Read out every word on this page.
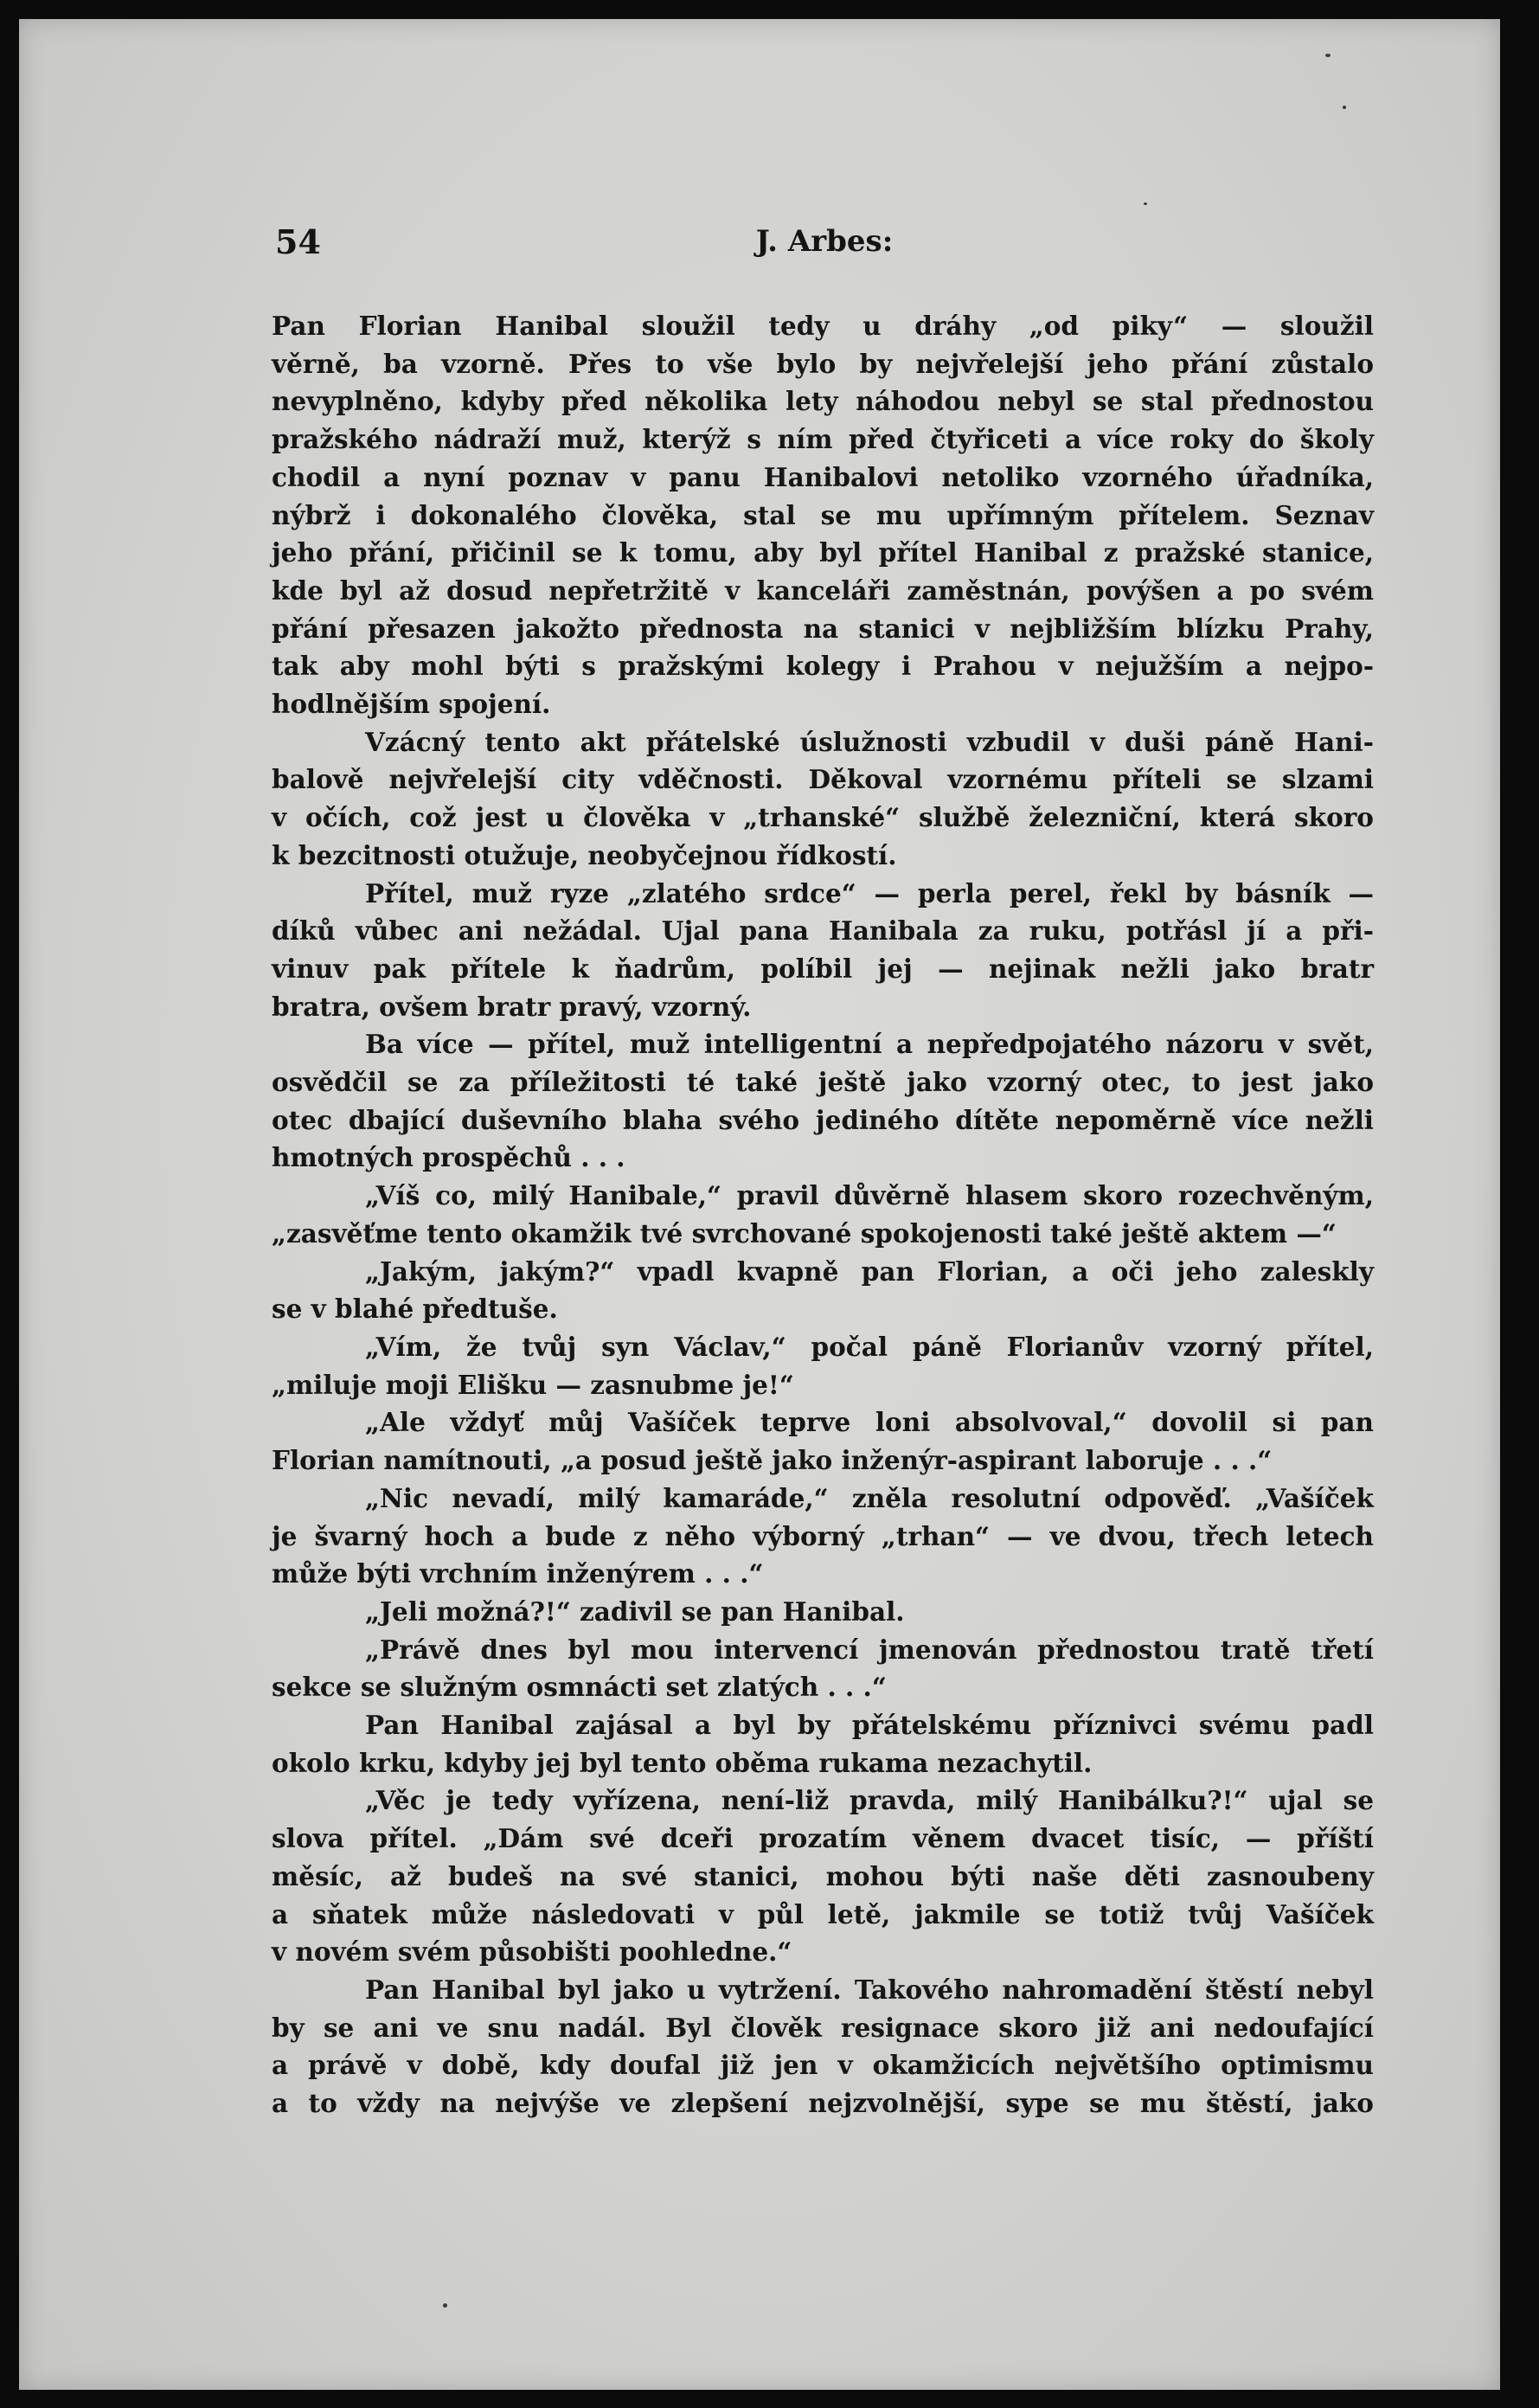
54	J. Arbes:
Pan Florian Hanibal sloužil tedy u dráhy „od piky“ — sloužil
věrně, ba vzorně. Přes to vše bylo by nejvřelejší jeho přání zůstalo
nevyplněno, kdyby před několika lety náhodou nebyl se stal přednostou
pražského nádraží muž, kterýž s ním před čtyřiceti a více roky do školy
chodil a nyní poznav v panu Hanibalovi netoliko vzorného úřadníka,
nýbrž i dokonalého člověka, stal se mu upřímným přítelem. Seznav
jeho přání, přičinil se k tomu, aby byl přítel Hanibal z pražské stanice,
kde byl až dosud nepřetržitě v kanceláři zaměstnán, povýšen a po svém
přání přesazen jakožto přednosta na stanici v nejbližším blízku Prahy,
tak aby mohl býti s pražskými kolegy i Prahou v nejužším a nejpo-
hodlnějším spojení.
Vzácný tento akt přátelské úslužnosti vzbudil v duši páně Hani-
balově nejvřelejší city vděčnosti. Děkoval vzornému příteli se slzami
v očích, což jest u člověka v „trhanské“ službě železniční, která skoro
k bezcitnosti otužuje, neobyčejnou řídkostí.
Přítel, muž ryze „zlatého srdce“ — perla perel, řekl by básník —
díků vůbec ani nežádal. Ujal pana Hanibala za ruku, potřásl jí a při-
vinuv pak přítele k ňadrům, políbil jej — nejinak nežli jako bratr
bratra, ovšem bratr pravý, vzorný.
Ba více — přítel, muž intelligentní a nepředpojatého názoru v svět,
osvědčil se za příležitosti té také ještě jako vzorný otec, to jest jako
otec dbající duševního blaha svého jediného dítěte nepoměrně více nežli
hmotných prospěchů . . .
„Víš co, milý Hanibale,“ pravil důvěrně hlasem skoro rozechvěným,
„zasvěťme tento okamžik tvé svrchované spokojenosti také ještě aktem —“
„Jakým, jakým?“ vpadl kvapně pan Florian, a oči jeho zaleskly
se v blahé předtuše.
„Vím, že tvůj syn Václav,“ počal páně Florianův vzorný přítel,
„miluje moji Elišku — zasnubme je!“
„Ale vždyť můj Vašíček teprve loni absolvoval,“ dovolil si pan
Florian namítnouti, „a posud ještě jako inženýr-aspirant laboruje . . .“
„Nic nevadí, milý kamaráde,“ zněla resolutní odpověď. „Vašíček
je švarný hoch a bude z něho výborný „trhan“ — ve dvou, třech letech
může býti vrchním inženýrem . . .“
„Jeli možná?!“ zadivil se pan Hanibal.
„Právě dnes byl mou intervencí jmenován přednostou tratě třetí
sekce se služným osmnácti set zlatých . . .“
Pan Hanibal zajásal a byl by přátelskému příznivci svému padl
okolo krku, kdyby jej byl tento oběma rukama nezachytil.
„Věc je tedy vyřízena, není-liž pravda, milý Hanibálku?!“ ujal se
slova přítel. „Dám své dceři prozatím věnem dvacet tisíc, — příští
měsíc, až budeš na své stanici, mohou býti naše děti zasnoubeny
a sňatek může následovati v půl letě, jakmile se totiž tvůj Vašíček
v novém svém působišti poohledne.“
Pan Hanibal byl jako u vytržení. Takového nahromadění štěstí nebyl
by se ani ve snu nadál. Byl člověk resignace skoro již ani nedoufající
a právě v době, kdy doufal již jen v okamžicích největšího optimismu
a to vždy na nejvýše ve zlepšení nejzvolnější, sype se mu štěstí, jako
